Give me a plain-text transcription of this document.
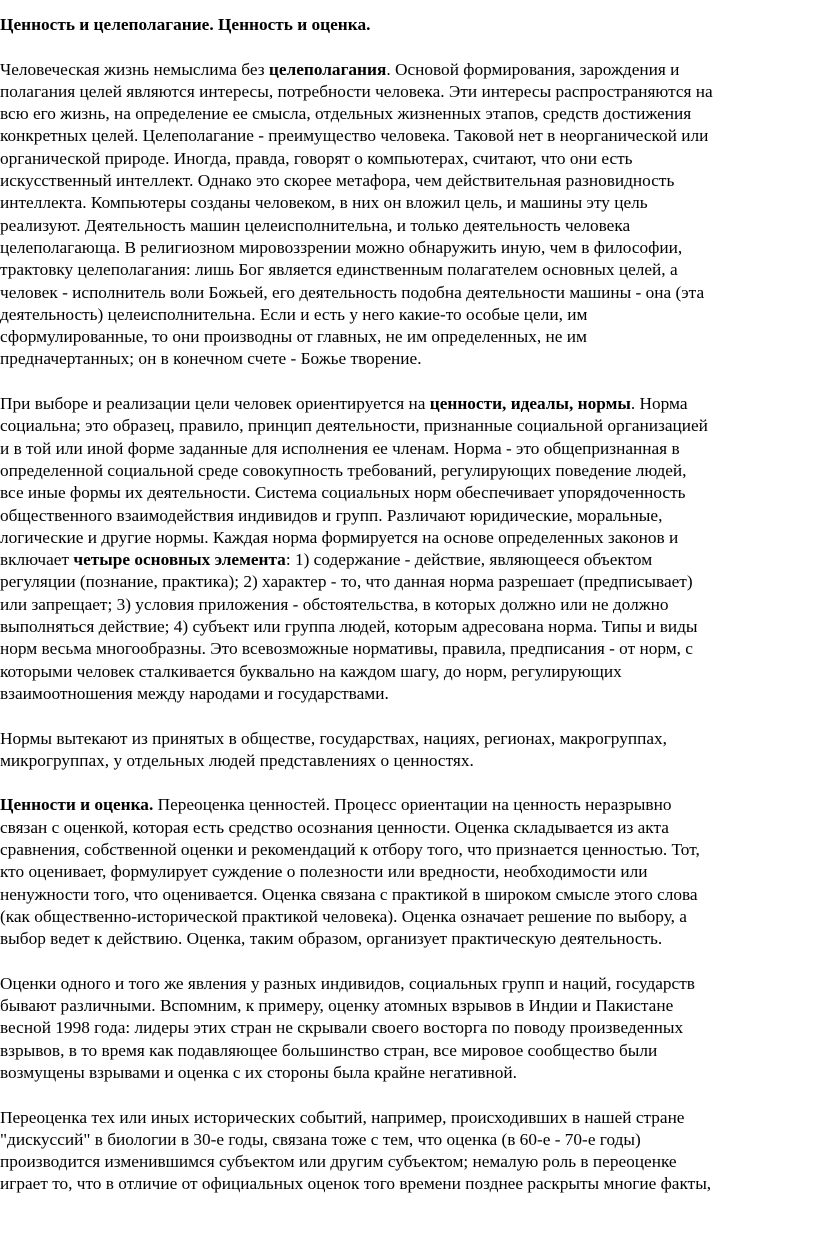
Ценность и целеполагание. Ценность и оценка.

Человеческая жизнь немыслима без целеполагания. Основой формирования, зарождения и
полагания целей являются интересы, потребности человека. Эти интересы распространяются на
всю его жизнь, на определение ее смысла, отдельных жизненных этапов, средств достижения
конкретных целей. Целеполагание - преимущество человека. Таковой нет в неорганической или
органической природе. Иногда, правда, говорят о компьютерах, считают, что они есть
искусственный интеллект. Однако это скорее метафора, чем действительная разновидность
интеллекта. Компьютеры созданы человеком, в них он вложил цель, и машины эту цель
реализуют. Деятельность машин целеисполнительна, и только деятельность человека
целеполагающа. В религиозном мировоззрении можно обнаружить иную, чем в философии,
трактовку целеполагания: лишь Бог является единственным полагателем основных целей, а
человек - исполнитель воли Божьей, его деятельность подобна деятельности машины - она (эта
деятельность) целеисполнительна. Если и есть у него какие-то особые цели, им
сформулированные, то они производны от главных, не им определенных, не им
предначертанных; он в конечном счете - Божье творение.

При выборе и реализации цели человек ориентируется на ценности, идеалы, нормы. Норма
социальна; это образец, правило, принцип деятельности, признанные социальной организацией
и в той или иной форме заданные для исполнения ее членам. Норма - это общепризнанная в
определенной социальной среде совокупность требований, регулирующих поведение людей,
все иные формы их деятельности. Система социальных норм обеспечивает упорядоченность
общественного взаимодействия индивидов и групп. Различают юридические, моральные,
логические и другие нормы. Каждая норма формируется на основе определенных законов и
включает четыре основных элемента: 1) содержание - действие, являющееся объектом
регуляции (познание, практика); 2) характер - то, что данная норма разрешает (предписывает)
или запрещает; 3) условия приложения - обстоятельства, в которых должно или не должно
выполняться действие; 4) субъект или группа людей, которым адресована норма. Типы и виды
норм весьма многообразны. Это всевозможные нормативы, правила, предписания - от норм, с
которыми человек сталкивается буквально на каждом шагу, до норм, регулирующих
взаимоотношения между народами и государствами.

Нормы вытекают из принятых в обществе, государствах, нациях, регионах, макрогруппах,
микрогруппах, у отдельных людей представлениях о ценностях.

Ценности и оценка. Переоценка ценностей. Процесс ориентации на ценность неразрывно
связан с оценкой, которая есть средство осознания ценности. Оценка складывается из акта
сравнения, собственной оценки и рекомендаций к отбору того, что признается ценностью. Тот,
кто оценивает, формулирует суждение о полезности или вредности, необходимости или
ненужности того, что оценивается. Оценка связана с практикой в широком смысле этого слова
(как общественно-исторической практикой человека). Оценка означает решение по выбору, а
выбор ведет к действию. Оценка, таким образом, организует практическую деятельность.

Оценки одного и того же явления у разных индивидов, социальных групп и наций, государств
бывают различными. Вспомним, к примеру, оценку атомных взрывов в Индии и Пакистане
весной 1998 года: лидеры этих стран не скрывали своего восторга по поводу произведенных
взрывов, в то время как подавляющее большинство стран, все мировое сообщество были
возмущены взрывами и оценка с их стороны была крайне негативной.

Переоценка тех или иных исторических событий, например, происходивших в нашей стране
"дискуссий" в биологии в 30-е годы, связана тоже с тем, что оценка (в 60-е - 70-е годы)
производится изменившимся субъектом или другим субъектом; немалую роль в переоценке
играет то, что в отличие от официальных оценок того времени позднее раскрыты многие факты,
